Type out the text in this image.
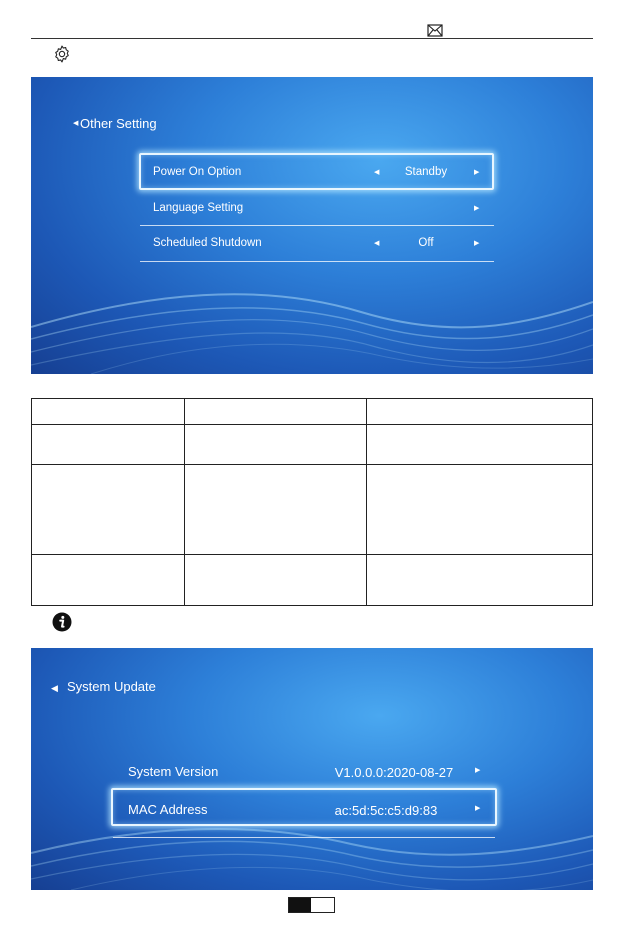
◀ Other Setting
Power On Option	◀	Standby	▶
Language Setting	▶
Scheduled Shutdown	◀	Off	▶

◀ System Update
System Version	V1.0.0.0:2020-08-27	▶
MAC Address	ac:5d:5c:c5:d9:83	▶
